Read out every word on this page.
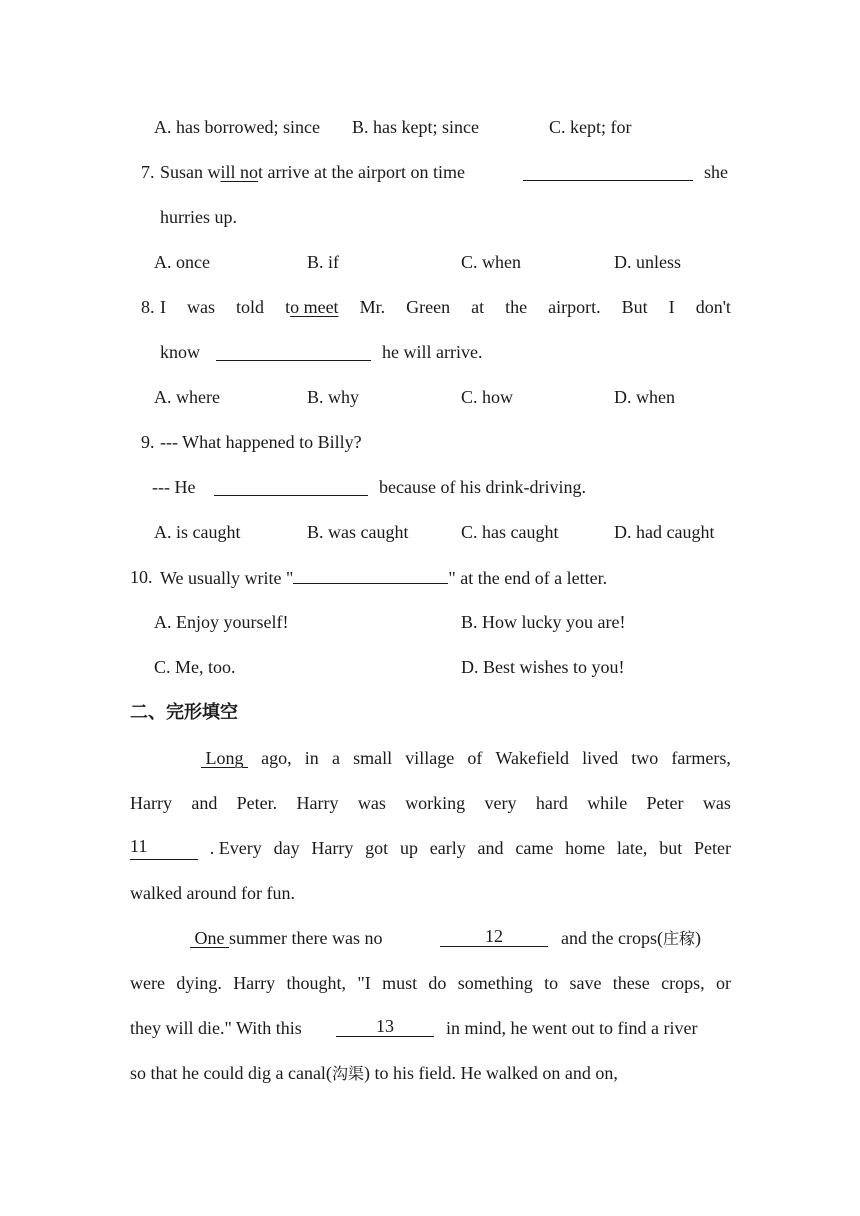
A. has borrowed; since B. has kept; since	C. kept; for
7. Susan will not arrive at the airport on time	she
hurries up.
A. once	B. if	C. when	D. unless
8. I was told to meet Mr. Green at the airport. But I don't
know	he will arrive.
A. where	B. why	C. how	D. when
9. --- What happened to Billy?
--- He	because of his drink-driving.
A. is caught	B. was caught	C. has caught	D. had caught
10. We usually write "	" at the end of a letter.
A. Enjoy yourself!	B. How lucky you are!
C. Me, too.	D. Best wishes to you!
二、完形填空
Long ago, in a small village of Wakefield lived two farmers,
Harry and Peter. Harry was working very hard while Peter was
11	. Every day Harry got up early and came home late, but Peter
walked around for fun.
One summer there was no	12	and the crops(庄稼)
were dying. Harry thought, "I must do something to save these crops, or
they will die." With this	13	in mind, he went out to find a river
so that he could dig a canal(沟渠) to his field. He walked on and on,
